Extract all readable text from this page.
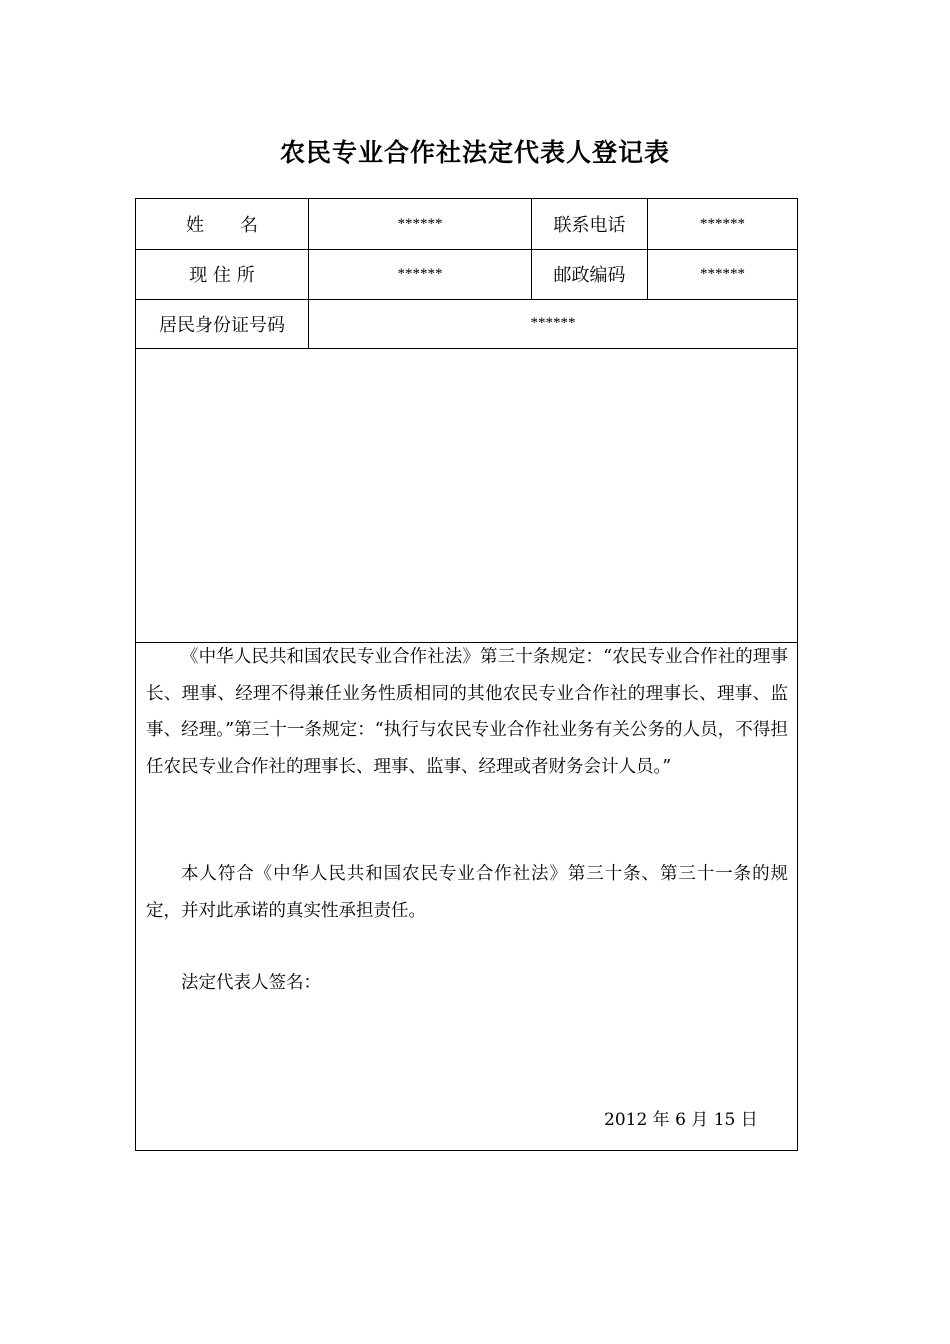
农民专业合作社法定代表人登记表
姓　　名	******	联系电话	******
现 住 所	******	邮政编码	******
居民身份证号码	******

《中华人民共和国农民专业合作社法》第三十条规定：“农民专业合作社的理事长、理事、经理不得兼任业务性质相同的其他农民专业合作社的理事长、理事、监事、经理。”第三十一条规定：“执行与农民专业合作社业务有关公务的人员，不得担任农民专业合作社的理事长、理事、监事、经理或者财务会计人员。”

本人符合《中华人民共和国农民专业合作社法》第三十条、第三十一条的规定，并对此承诺的真实性承担责任。

法定代表人签名：

2012 年 6 月 15 日
